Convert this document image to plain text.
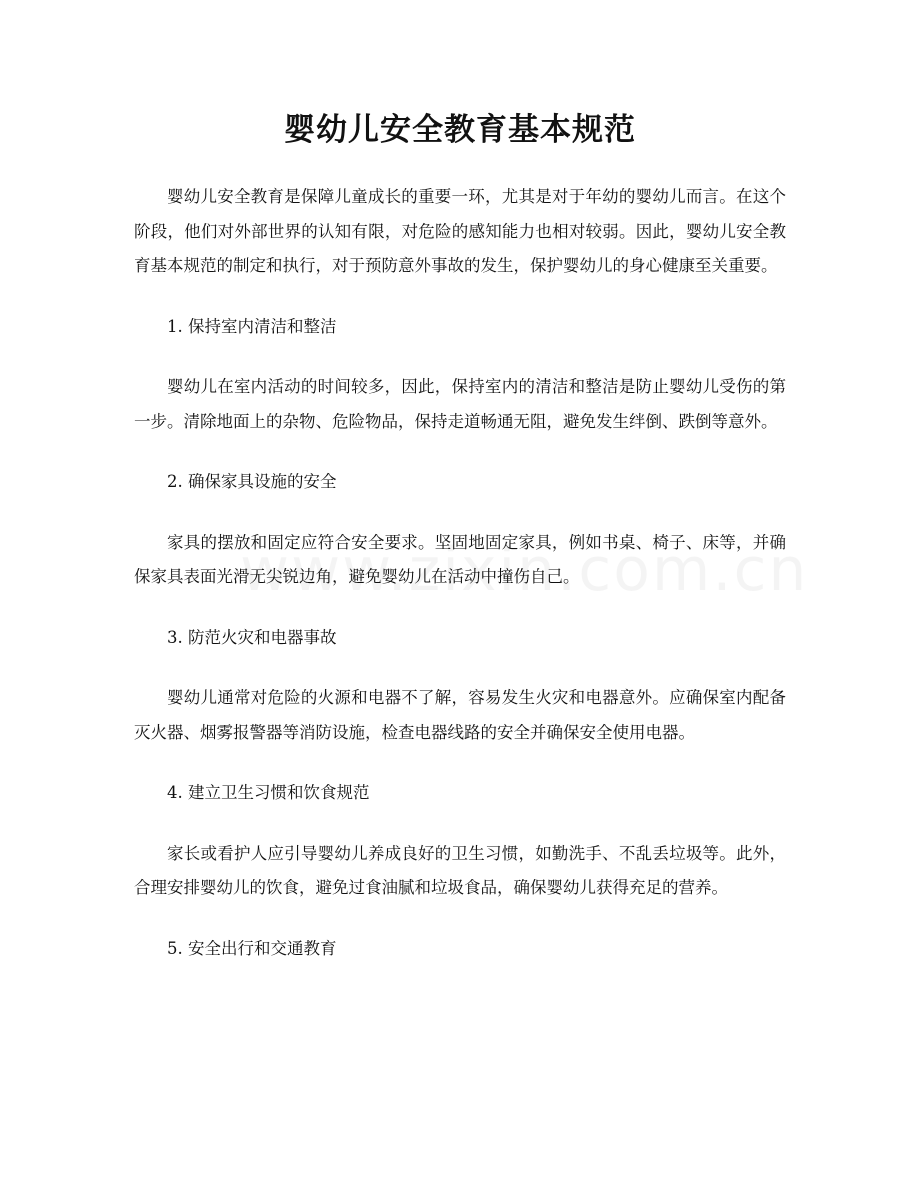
婴幼儿安全教育基本规范

婴幼儿安全教育是保障儿童成长的重要一环，尤其是对于年幼的婴幼儿而言。在这个阶段，他们对外部世界的认知有限，对危险的感知能力也相对较弱。因此，婴幼儿安全教育基本规范的制定和执行，对于预防意外事故的发生，保护婴幼儿的身心健康至关重要。

1. 保持室内清洁和整洁

婴幼儿在室内活动的时间较多，因此，保持室内的清洁和整洁是防止婴幼儿受伤的第一步。清除地面上的杂物、危险物品，保持走道畅通无阻，避免发生绊倒、跌倒等意外。

2. 确保家具设施的安全

家具的摆放和固定应符合安全要求。坚固地固定家具，例如书桌、椅子、床等，并确保家具表面光滑无尖锐边角，避免婴幼儿在活动中撞伤自己。

3. 防范火灾和电器事故

婴幼儿通常对危险的火源和电器不了解，容易发生火灾和电器意外。应确保室内配备灭火器、烟雾报警器等消防设施，检查电器线路的安全并确保安全使用电器。

4. 建立卫生习惯和饮食规范

家长或看护人应引导婴幼儿养成良好的卫生习惯，如勤洗手、不乱丢垃圾等。此外，合理安排婴幼儿的饮食，避免过食油腻和垃圾食品，确保婴幼儿获得充足的营养。

5. 安全出行和交通教育
